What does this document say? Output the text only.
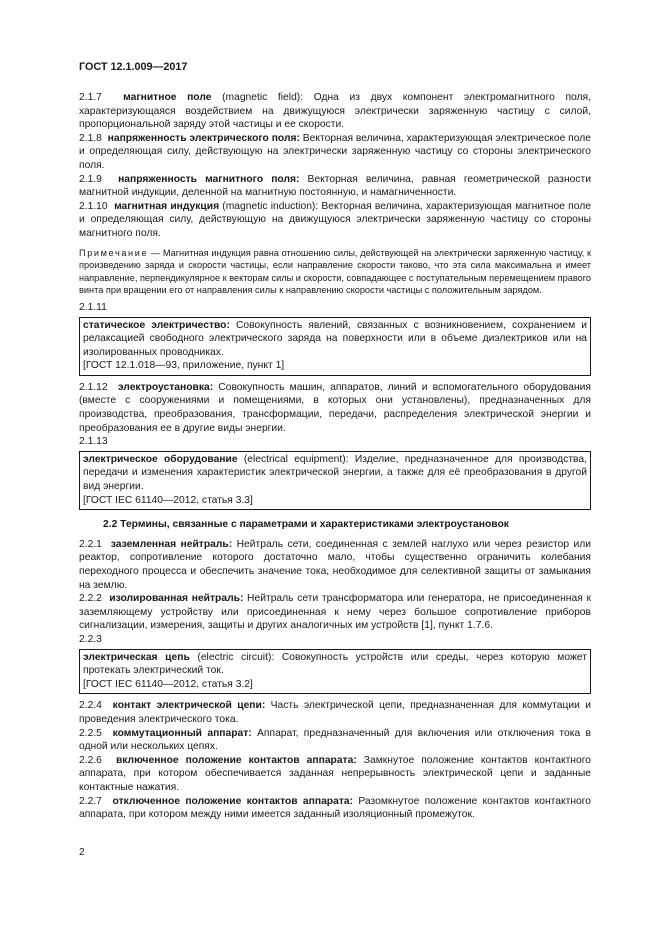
ГОСТ 12.1.009—2017

2.1.7 магнитное поле (magnetic field): Одна из двух компонент электромагнитного поля, характеризующаяся воздействием на движущуюся электрически заряженную частицу с силой, пропорциональной заряду этой частицы и ее скорости.

2.1.8 напряженность электрического поля: Векторная величина, характеризующая электрическое поле и определяющая силу, действующую на электрически заряженную частицу со стороны электрического поля.

2.1.9 напряженность магнитного поля: Векторная величина, равная геометрической разности магнитной индукции, деленной на магнитную постоянную, и намагниченности.

2.1.10 магнитная индукция (magnetic induction): Векторная величина, характеризующая магнитное поле и определяющая силу, действующую на движущуюся электрически заряженную частицу со стороны магнитного поля.

Примечание — Магнитная индукция равна отношению силы, действующей на электрически заряженную частицу, к произведению заряда и скорости частицы, если направление скорости таково, что эта сила максимальна и имеет направление, перпендикулярное к векторам силы и скорости, совпадающее с поступательным перемещением правого винта при вращении его от направления силы к направлению скорости частицы с положительным зарядом.

2.1.11

статическое электричество: Совокупность явлений, связанных с возникновением, сохранением и релаксацией свободного электрического заряда на поверхности или в объеме диэлектриков или на изолированных проводниках.

[ГОСТ 12.1.018—93, приложение, пункт 1]

2.1.12 электроустановка: Совокупность машин, аппаратов, линий и вспомогательного оборудования (вместе с сооружениями и помещениями, в которых они установлены), предназначенных для производства, преобразования, трансформации, передачи, распределения электрической энергии и преобразования ее в другие виды энергии.

2.1.13

электрическое оборудование (electrical equipment): Изделие, предназначенное для производства, передачи и изменения характеристик электрической энергии, а также для её преобразования в другой вид энергии.

[ГОСТ IEC 61140—2012, статья 3.3]

2.2 Термины, связанные с параметрами и характеристиками электроустановок

2.2.1 заземленная нейтраль: Нейтраль сети, соединенная с землей наглухо или через резистор или реактор, сопротивление которого достаточно мало, чтобы существенно ограничить колебания переходного процесса и обеспечить значение тока, необходимое для селективной защиты от замыкания на землю.

2.2.2 изолированная нейтраль: Нейтраль сети трансформатора или генератора, не присоединенная к заземляющему устройству или присоединенная к нему через большое сопротивление приборов сигнализации, измерения, защиты и других аналогичных им устройств [1], пункт 1.7.6.

2.2.3

электрическая цепь (electric circuit): Совокупность устройств или среды, через которую может протекать электрический ток.

[ГОСТ IEC 61140—2012, статья 3.2]

2.2.4 контакт электрической цепи: Часть электрической цепи, предназначенная для коммутации и проведения электрического тока.

2.2.5 коммутационный аппарат: Аппарат, предназначенный для включения или отключения тока в одной или нескольких цепях.

2.2.6 включенное положение контактов аппарата: Замкнутое положение контактов контактного аппарата, при котором обеспечивается заданная непрерывность электрической цепи и заданные контактные нажатия.

2.2.7 отключенное положение контактов аппарата: Разомкнутое положение контактов контактного аппарата, при котором между ними имеется заданный изоляционный промежуток.

2
